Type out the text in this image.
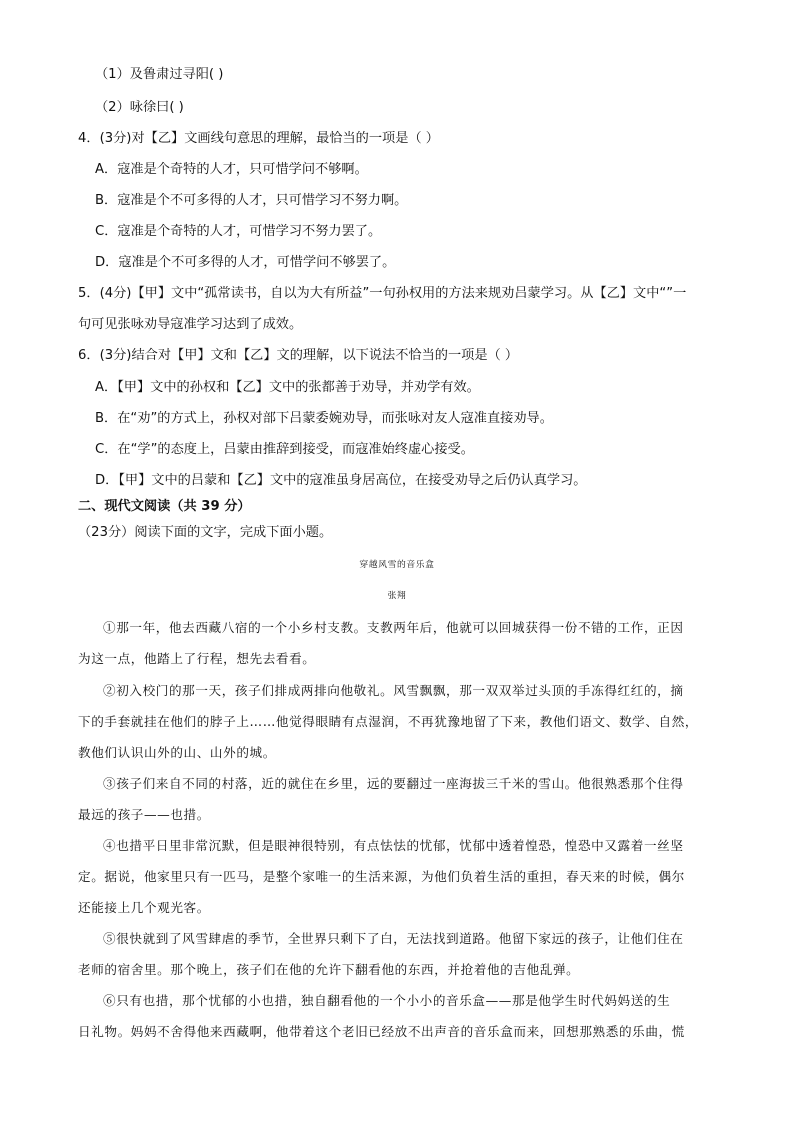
（1）及鲁肃过寻阳( )
（2）咏徐曰( )
4．(3分)对【乙】文画线句意思的理解，最恰当的一项是（ ）
A．寇准是个奇特的人才，只可惜学问不够啊。
B．寇准是个不可多得的人才，只可惜学习不努力啊。
C．寇准是个奇特的人才，可惜学习不努力罢了。
D．寇准是个不可多得的人才，可惜学问不够罢了。
5．(4分)【甲】文中“孤常读书，自以为大有所益”一句孙权用的方法来规劝吕蒙学习。从【乙】文中“”一
句可见张咏劝导寇准学习达到了成效。
6．(3分)结合对【甲】文和【乙】文的理解，以下说法不恰当的一项是（ ）
A．【甲】文中的孙权和【乙】文中的张都善于劝导，并劝学有效。
B．在“劝”的方式上，孙权对部下吕蒙委婉劝导，而张咏对友人寇准直接劝导。
C．在“学”的态度上，吕蒙由推辞到接受，而寇准始终虚心接受。
D．【甲】文中的吕蒙和【乙】文中的寇准虽身居高位，在接受劝导之后仍认真学习。
二、现代文阅读（共 39 分）
（23分）阅读下面的文字，完成下面小题。
穿越风雪的音乐盒
张翔
①那一年，他去西藏八宿的一个小乡村支教。支教两年后，他就可以回城获得一份不错的工作，正因
为这一点，他踏上了行程，想先去看看。
②初入校门的那一天，孩子们排成两排向他敬礼。风雪飘飘，那一双双举过头顶的手冻得红红的，摘
下的手套就挂在他们的脖子上……他觉得眼睛有点湿润，不再犹豫地留了下来，教他们语文、数学、自然，
教他们认识山外的山、山外的城。
③孩子们来自不同的村落，近的就住在乡里，远的要翻过一座海拔三千米的雪山。他很熟悉那个住得
最远的孩子——也措。
④也措平日里非常沉默，但是眼神很特别，有点怯怯的忧郁，忧郁中透着惶恐，惶恐中又露着一丝坚
定。据说，他家里只有一匹马，是整个家唯一的生活来源，为他们负着生活的重担，春天来的时候，偶尔
还能接上几个观光客。
⑤很快就到了风雪肆虐的季节，全世界只剩下了白，无法找到道路。他留下家远的孩子，让他们住在
老师的宿舍里。那个晚上，孩子们在他的允许下翻看他的东西，并抢着他的吉他乱弹。
⑥只有也措，那个忧郁的小也措，独自翻看他的一个小小的音乐盒——那是他学生时代妈妈送的生
日礼物。妈妈不舍得他来西藏啊，他带着这个老旧已经放不出声音的音乐盒而来，回想那熟悉的乐曲，慌
